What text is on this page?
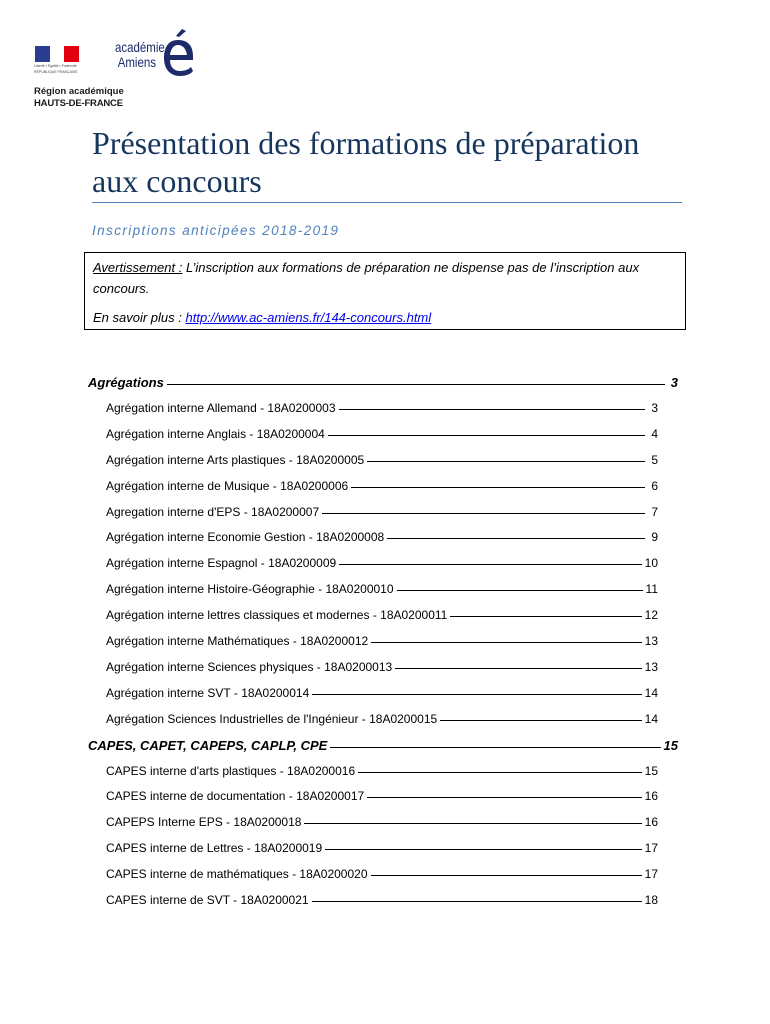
Liberté • Égalité • Fraternité
RÉPUBLIQUE FRANÇAISE
académie
Amiens
Région académique
HAUTS-DE-FRANCE
Présentation des formations de préparation aux concours
Inscriptions anticipées 2018-2019

Avertissement : L’inscription aux formations de préparation ne dispense pas de l’inscription aux concours.

En savoir plus : http://www.ac-amiens.fr/144-concours.html

Agrégations	3
Agrégation interne Allemand - 18A0200003	3
Agrégation interne Anglais - 18A0200004	4
Agrégation interne Arts plastiques - 18A0200005	5
Agrégation interne de Musique - 18A0200006	6
Agregation interne d'EPS - 18A0200007	7
Agrégation interne Economie Gestion - 18A0200008	9
Agrégation interne Espagnol - 18A0200009	10
Agrégation interne Histoire-Géographie - 18A0200010	11
Agrégation interne lettres classiques et modernes - 18A0200011	12
Agrégation interne Mathématiques - 18A0200012	13
Agrégation interne Sciences physiques - 18A0200013	13
Agrégation interne SVT - 18A0200014	14
Agrégation Sciences Industrielles de l'Ingénieur - 18A0200015	14
CAPES, CAPET, CAPEPS, CAPLP, CPE	15
CAPES interne d'arts plastiques - 18A0200016	15
CAPES interne de documentation - 18A0200017	16
CAPEPS Interne EPS - 18A0200018	16
CAPES interne de Lettres - 18A0200019	17
CAPES interne de mathématiques - 18A0200020	17
CAPES interne de SVT - 18A0200021	18
